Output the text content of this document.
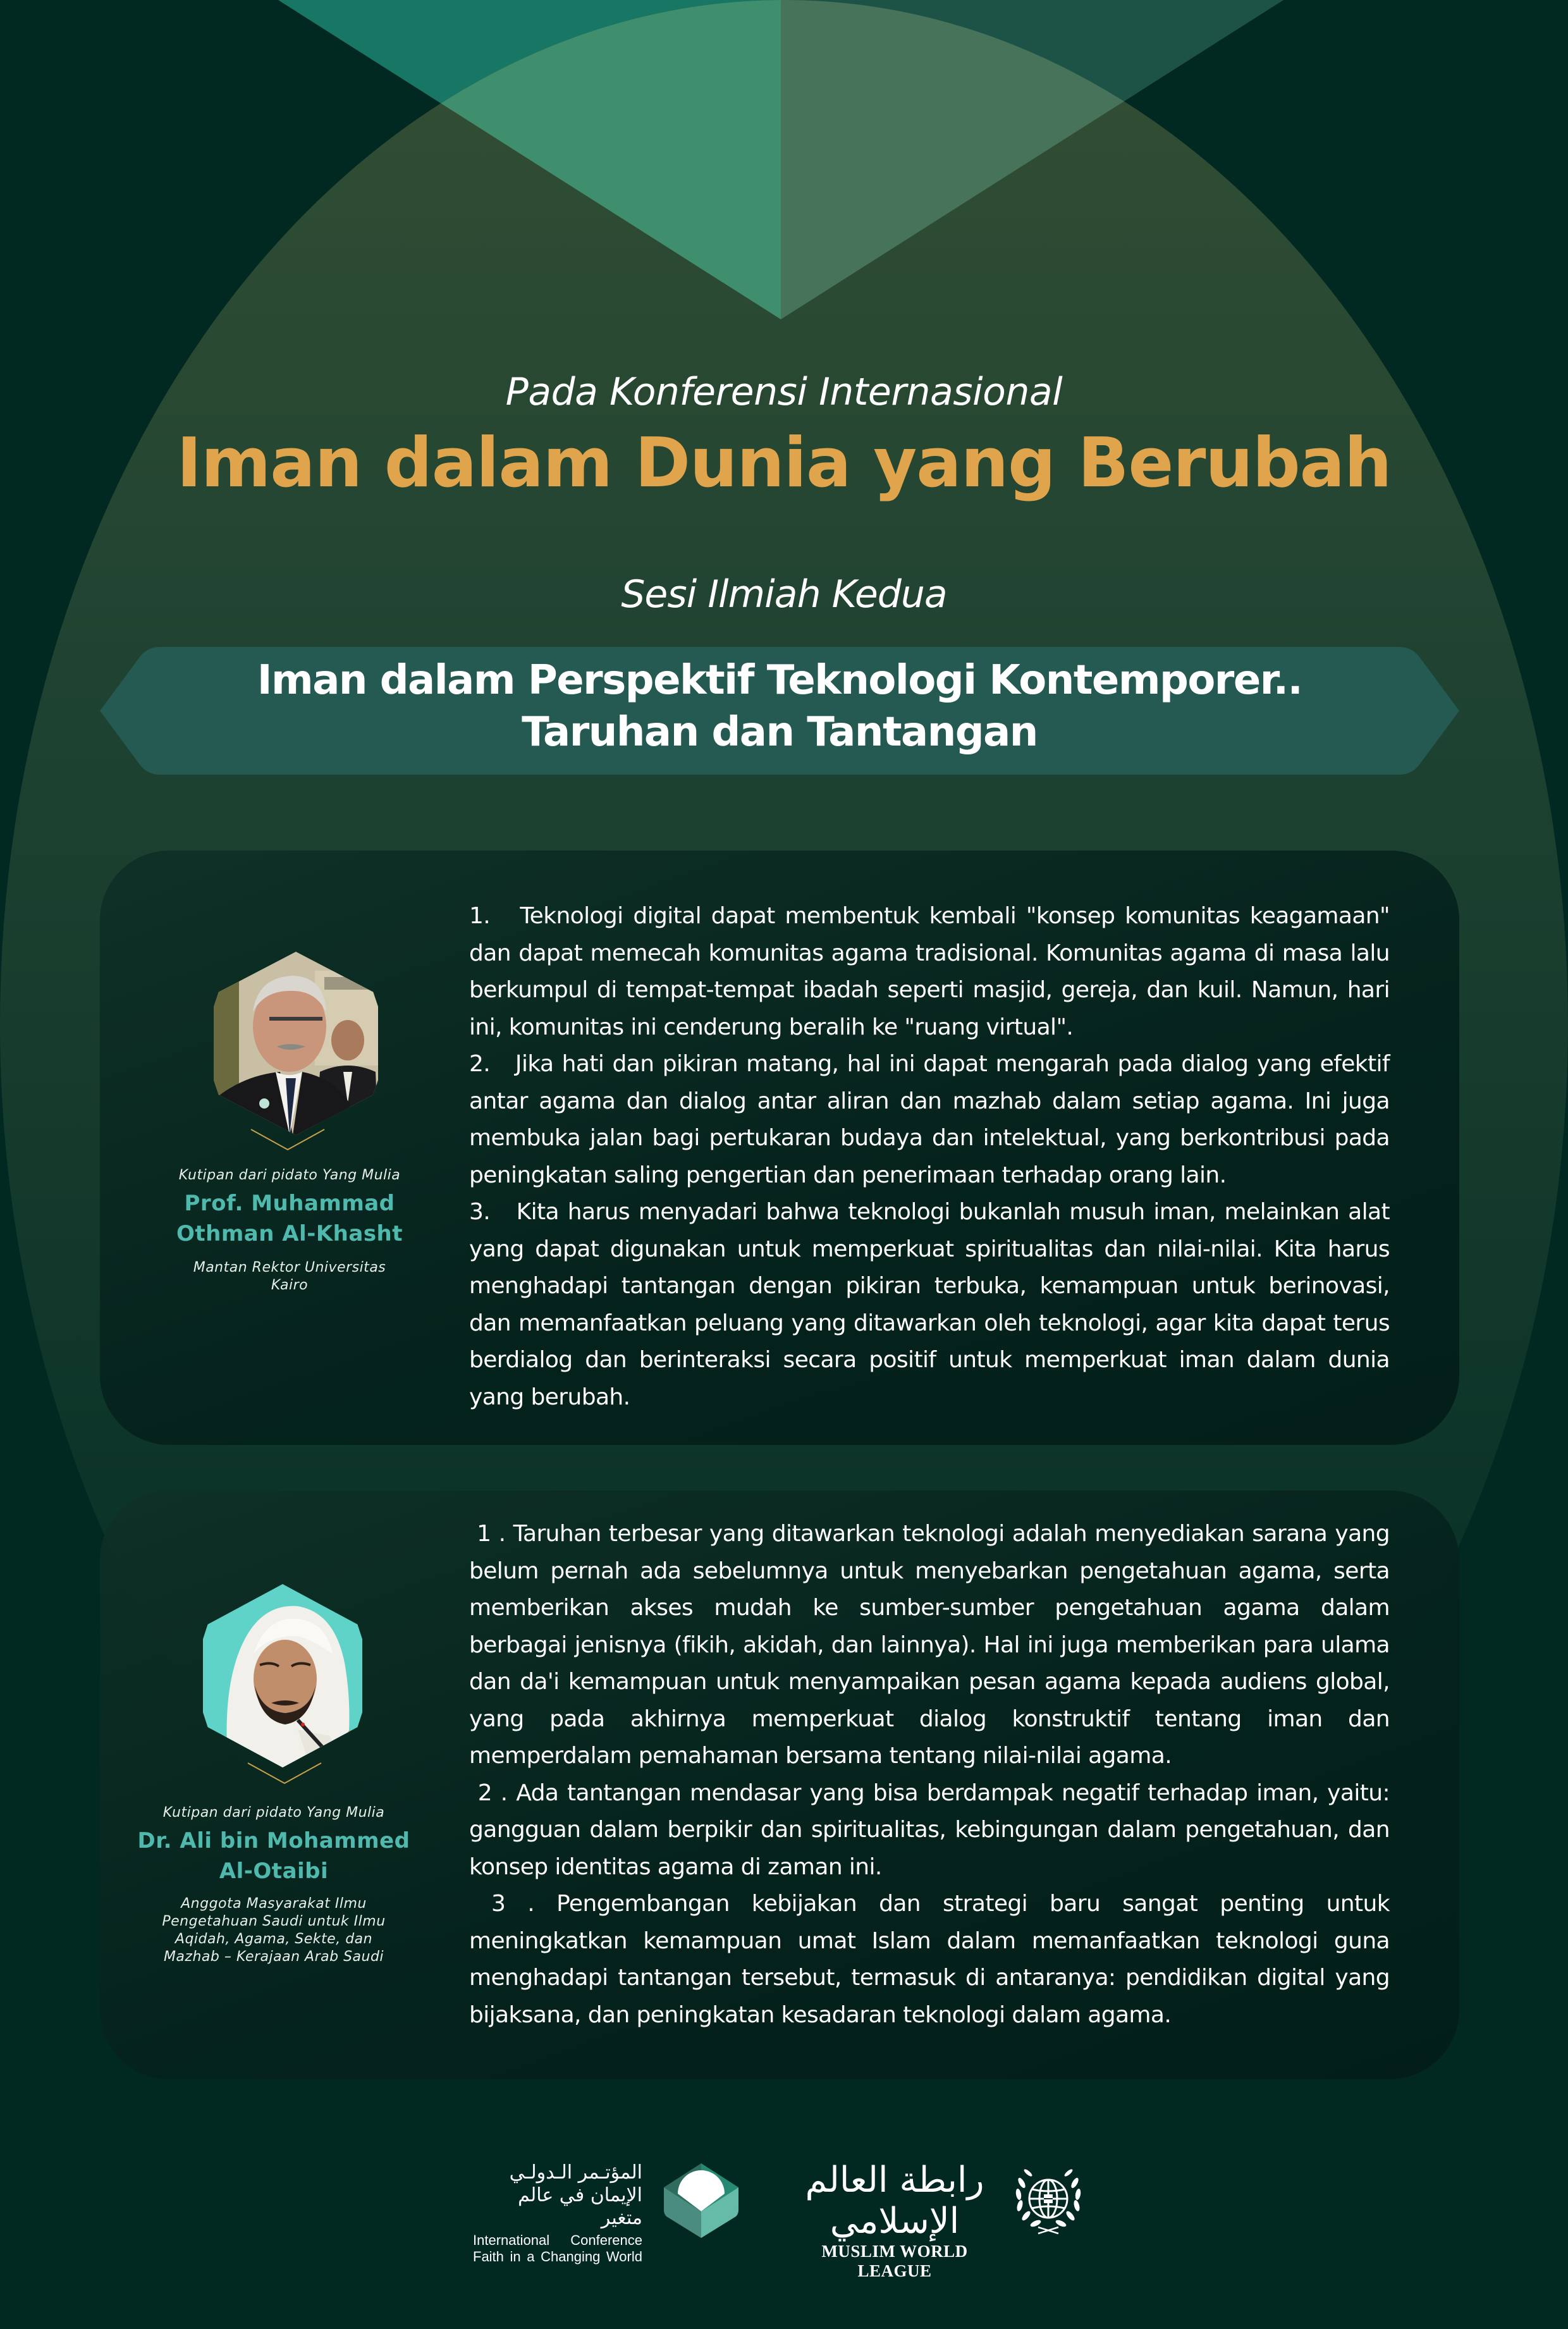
Pada Konferensi Internasional
Iman dalam Dunia yang Berubah
Sesi Ilmiah Kedua
Iman dalam Perspektif Teknologi Kontemporer..
Taruhan dan Tantangan
Kutipan dari pidato Yang Mulia
Prof. Muhammad
Othman Al-Khasht
Mantan Rektor Universitas
Kairo

1.   Teknologi digital dapat membentuk kembali "konsep komunitas keagamaan" dan dapat memecah komunitas agama tradisional. Komunitas agama di masa lalu berkumpul di tempat-tempat ibadah seperti masjid, gereja, dan kuil. Namun, hari ini, komunitas ini cenderung beralih ke "ruang virtual".

2.   Jika hati dan pikiran matang, hal ini dapat mengarah pada dialog yang efektif antar agama dan dialog antar aliran dan mazhab dalam setiap agama. Ini juga membuka jalan bagi pertukaran budaya dan intelektual, yang berkontribusi pada peningkatan saling pengertian dan penerimaan terhadap orang lain.

3.   Kita harus menyadari bahwa teknologi bukanlah musuh iman, melainkan alat yang dapat digunakan untuk memperkuat spiritualitas dan nilai-nilai. Kita harus menghadapi tantangan dengan pikiran terbuka, kemampuan untuk berinovasi, dan memanfaatkan peluang yang ditawarkan oleh teknologi, agar kita dapat terus berdialog dan berinteraksi secara positif untuk memperkuat iman dalam dunia yang berubah.

Kutipan dari pidato Yang Mulia
Dr. Ali bin Mohammed
Al-Otaibi
Anggota Masyarakat Ilmu
Pengetahuan Saudi untuk Ilmu
Aqidah, Agama, Sekte, dan
Mazhab – Kerajaan Arab Saudi

1 . Taruhan terbesar yang ditawarkan teknologi adalah menyediakan sarana yang belum pernah ada sebelumnya untuk menyebarkan pengetahuan agama, serta memberikan akses mudah ke sumber-sumber pengetahuan agama dalam berbagai jenisnya (fikih, akidah, dan lainnya). Hal ini juga memberikan para ulama dan da'i kemampuan untuk menyampaikan pesan agama kepada audiens global, yang pada akhirnya memperkuat dialog konstruktif tentang iman dan memperdalam pemahaman bersama tentang nilai-nilai agama.

2 . Ada tantangan mendasar yang bisa berdampak negatif terhadap iman, yaitu: gangguan dalam berpikir dan spiritualitas, kebingungan dalam pengetahuan, dan konsep identitas agama di zaman ini.

3 . Pengembangan kebijakan dan strategi baru sangat penting untuk meningkatkan kemampuan umat Islam dalam memanfaatkan teknologi guna menghadapi tantangan tersebut, termasuk di antaranya: pendidikan digital yang bijaksana, dan peningkatan kesadaran teknologi dalam agama.

المؤتـمر الـدولـي
الإيمان في عالم متغير
International Conference
Faith in a Changing World
رابطة العالم الإسلامي
MUSLIM WORLD LEAGUE
